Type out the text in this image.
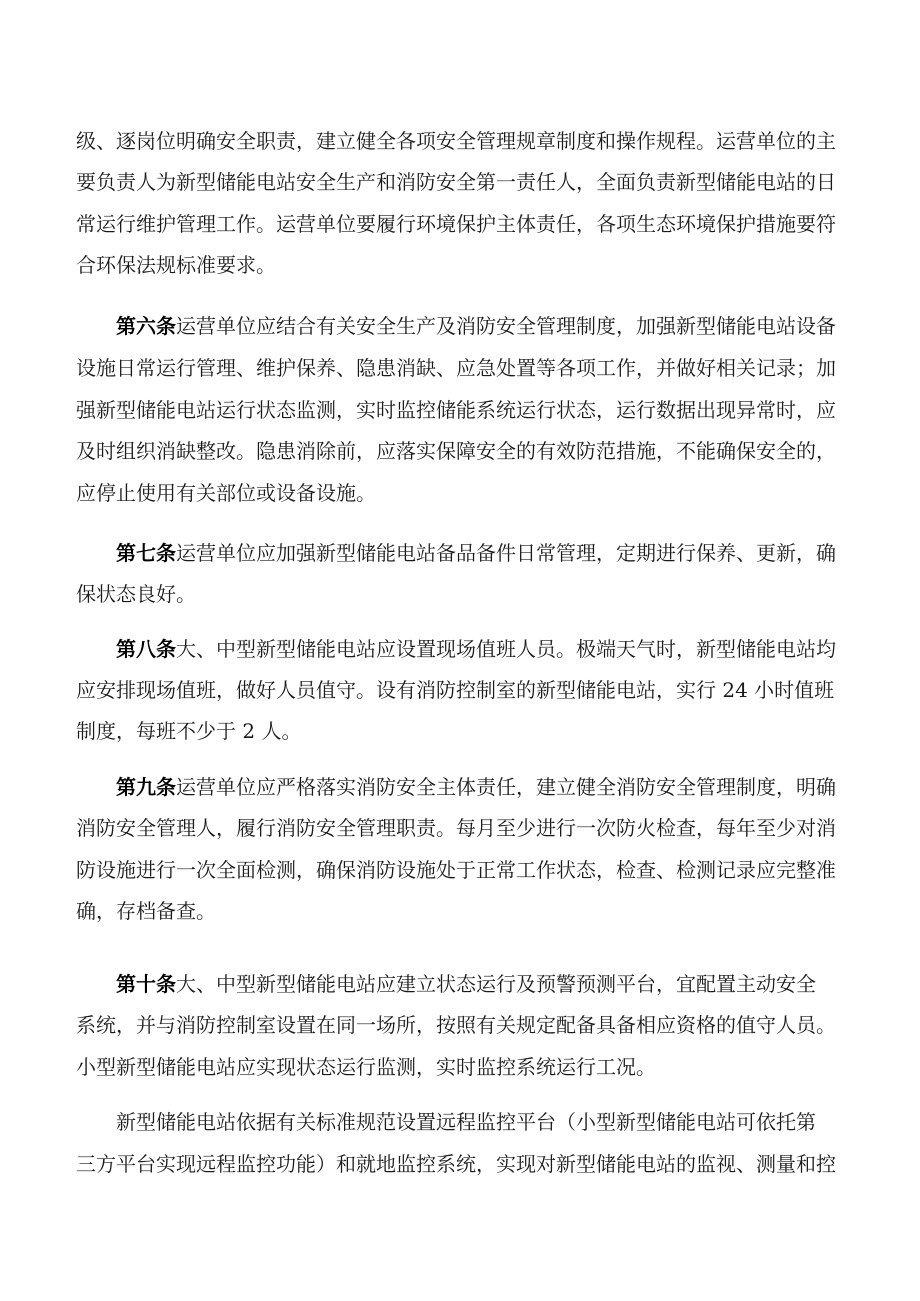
级、逐岗位明确安全职责，建立健全各项安全管理规章制度和操作规程。运营单位的主
要负责人为新型储能电站安全生产和消防安全第一责任人，全面负责新型储能电站的日
常运行维护管理工作。运营单位要履行环境保护主体责任，各项生态环境保护措施要符
合环保法规标准要求。
第六条 运营单位应结合有关安全生产及消防安全管理制度，加强新型储能电站设备
设施日常运行管理、维护保养、隐患消缺、应急处置等各项工作，并做好相关记录；加
强新型储能电站运行状态监测，实时监控储能系统运行状态，运行数据出现异常时，应
及时组织消缺整改。隐患消除前，应落实保障安全的有效防范措施，不能确保安全的，
应停止使用有关部位或设备设施。
第七条 运营单位应加强新型储能电站备品备件日常管理，定期进行保养、更新，确
保状态良好。
第八条 大、中型新型储能电站应设置现场值班人员。极端天气时，新型储能电站均
应安排现场值班，做好人员值守。设有消防控制室的新型储能电站，实行 24 小时值班
制度，每班不少于 2 人。
第九条 运营单位应严格落实消防安全主体责任，建立健全消防安全管理制度，明确
消防安全管理人，履行消防安全管理职责。每月至少进行一次防火检查，每年至少对消
防设施进行一次全面检测，确保消防设施处于正常工作状态，检查、检测记录应完整准
确，存档备查。
第十条 大、中型新型储能电站应建立状态运行及预警预测平台，宜配置主动安全
系统，并与消防控制室设置在同一场所，按照有关规定配备具备相应资格的值守人员。
小型新型储能电站应实现状态运行监测，实时监控系统运行工况。
新型储能电站依据有关标准规范设置远程监控平台（小型新型储能电站可依托第
三方平台实现远程监控功能）和就地监控系统，实现对新型储能电站的监视、测量和控
